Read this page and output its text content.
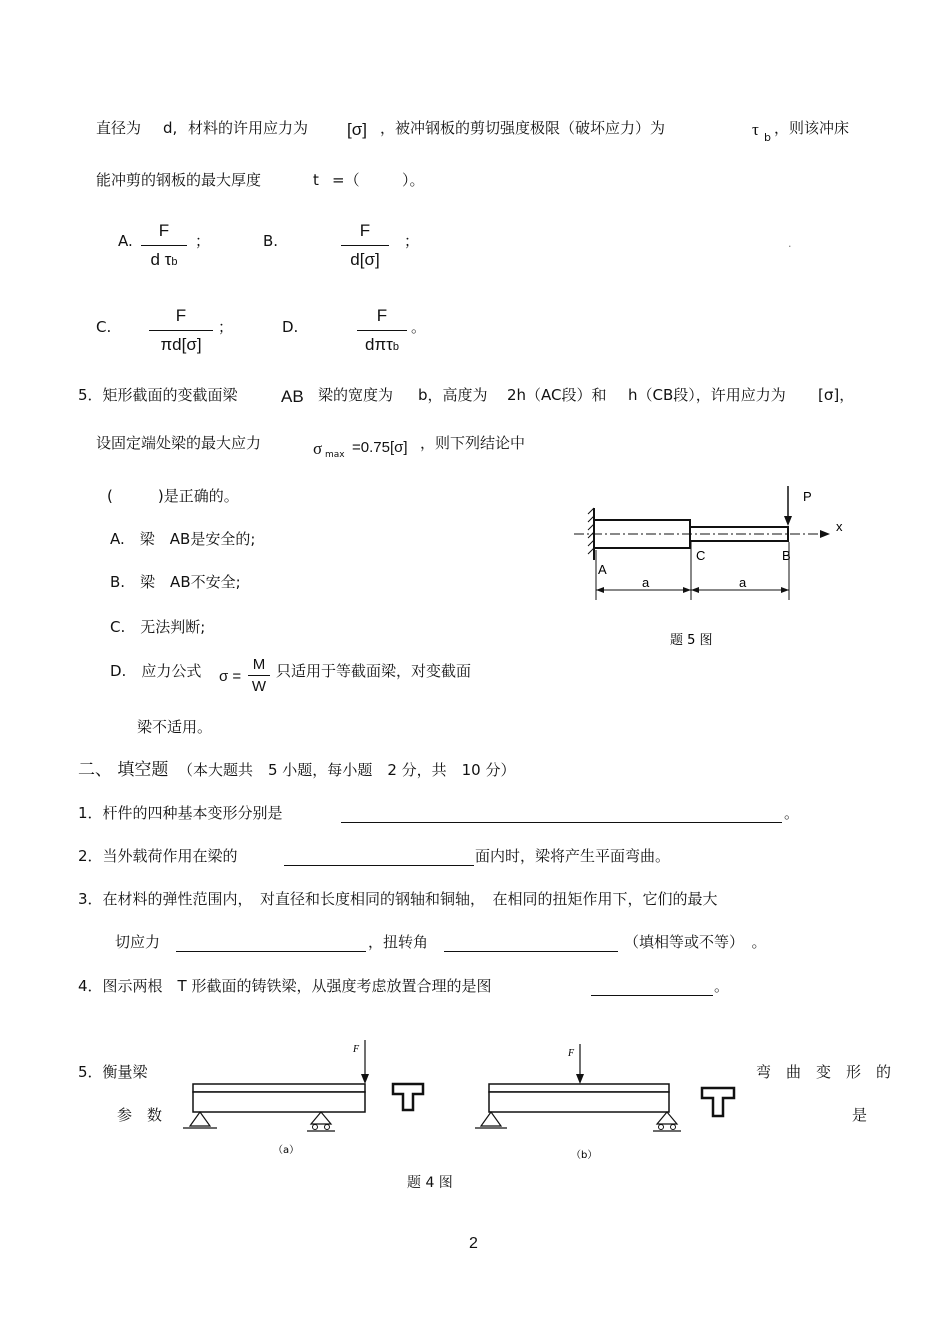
直径为 d, 材料的许用应力为 [σ] ，被冲钢板的剪切强度极限（破坏应力）为	τ b
，则该冲床
能冲剪的钢板的最大厚度	t =（	）。
A.
F
d τb
；	B.
F
d[σ]
；	.
C.
F
πd[σ]
；	D.
F
dπτb
。
5．矩形截面的变截面梁	AB 梁的宽度为 b，高度为 2h（AC段）和 h（CB段），许用应力为 [σ]，
设固定端处梁的最大应力	σ max =0.75[σ] ，则下列结论中
(　　　)是正确的。
A.　梁　AB是安全的;
B.　梁　AB不安全;
C.　无法判断;
D.　应力公式 σ =
M
W
只适用于等截面梁，对变截面
梁不适用。
x
P
A
C	B
a	a
题 5 图
二、 填空题 （本大题共　5 小题，每小题　2 分，共　10 分）
1．杆件的四种基本变形分别是	。
2．当外载荷作用在梁的	面内时，梁将产生平面弯曲。
3．在材料的弹性范围内，　对直径和长度相同的钢轴和铜轴，　在相同的扭矩作用下，它们的最大
切应力	，扭转角	（填相等或不等）　。
4．图示两根　T 形截面的铸铁梁，从强度考虑放置合理的是图	。
5．衡量梁	弯　曲　变　形　的
参　数	是
F
（a）
F
（b）
题 4 图
2
